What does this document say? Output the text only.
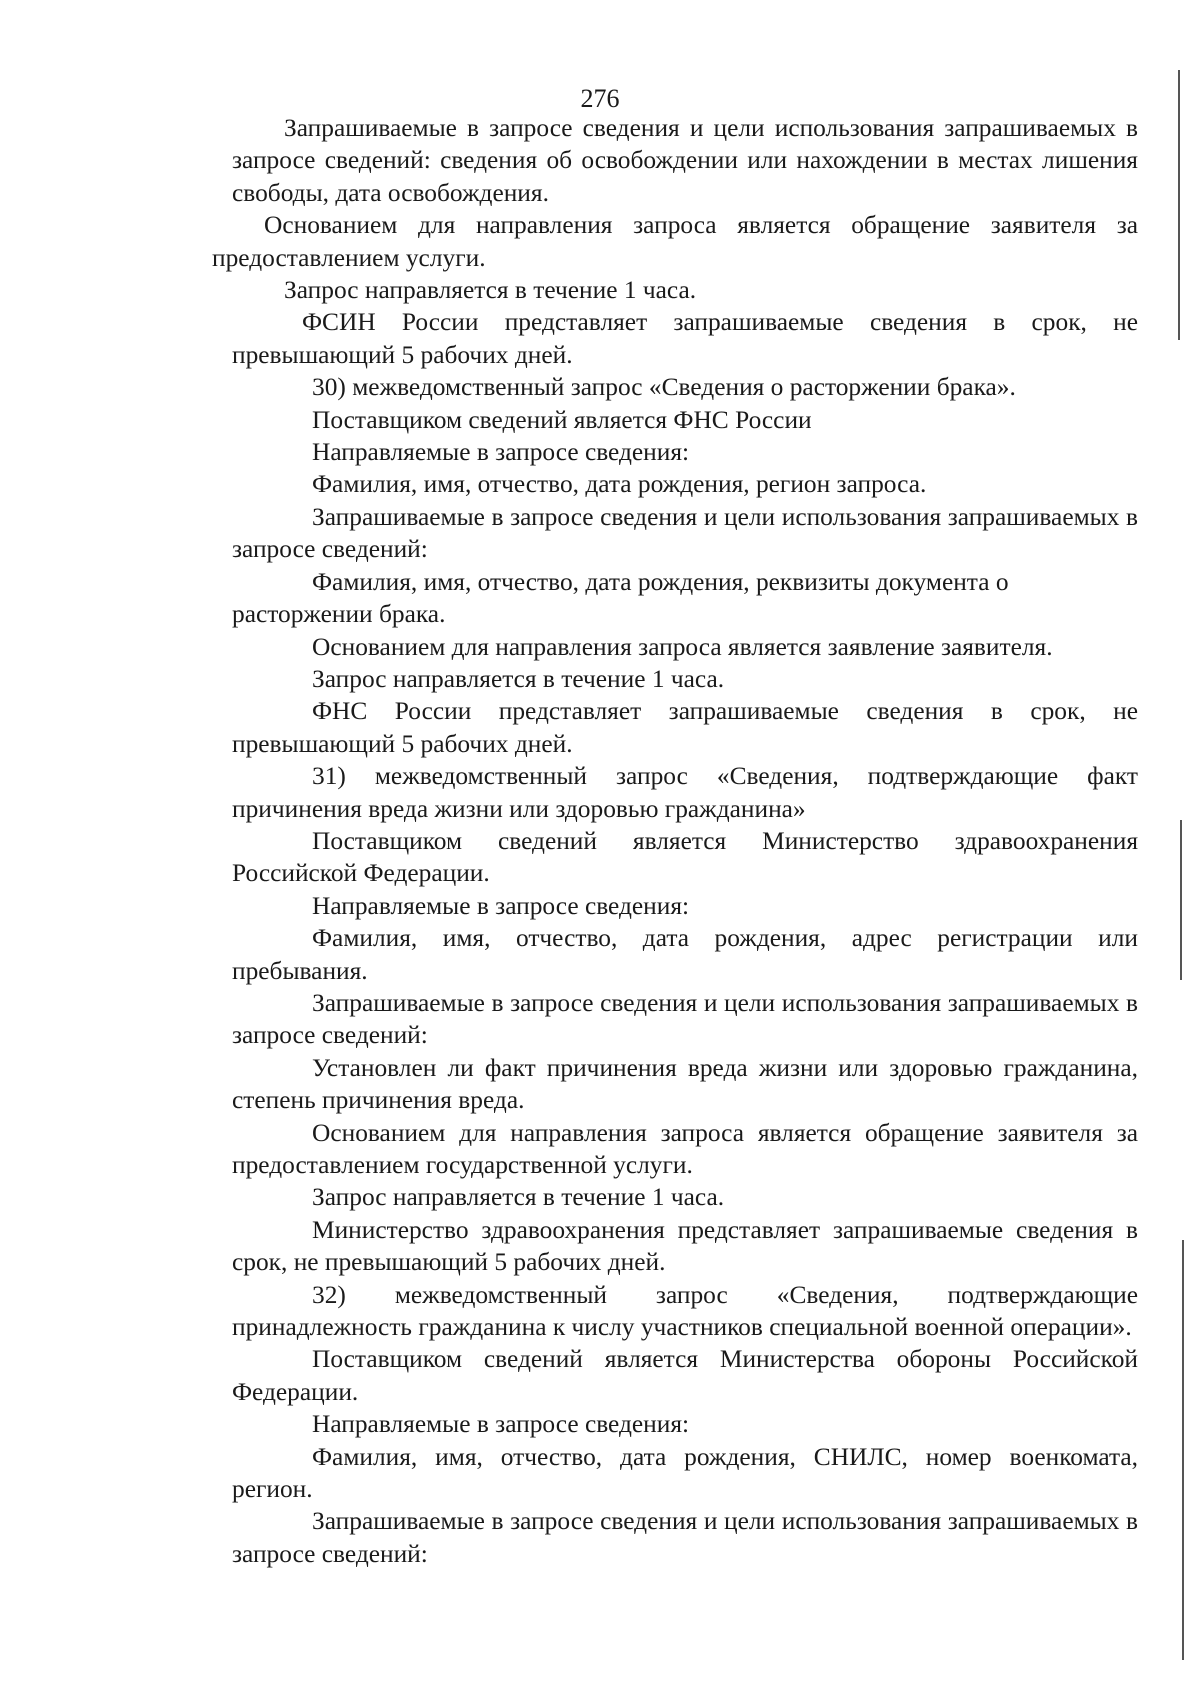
276

Запрашиваемые в запросе сведения и цели использования запрашиваемых в запросе сведений: сведения об освобождении или нахождении в местах лишения свободы, дата освобождения.

Основанием для направления запроса является обращение заявителя за предоставлением услуги.

Запрос направляется в течение 1 часа.

ФСИН России представляет запрашиваемые сведения в срок, не превышающий 5 рабочих дней.

30) межведомственный запрос «Сведения о расторжении брака».

Поставщиком сведений является ФНС России

Направляемые в запросе сведения:

Фамилия, имя, отчество, дата рождения, регион запроса.

Запрашиваемые в запросе сведения и цели использования запрашиваемых в запросе сведений:

Фамилия, имя, отчество, дата рождения, реквизиты документа о расторжении брака.

Основанием для направления запроса является заявление заявителя.

Запрос направляется в течение 1 часа.

ФНС России представляет запрашиваемые сведения в срок, не превышающий 5 рабочих дней.

31) межведомственный запрос «Сведения, подтверждающие факт причинения вреда жизни или здоровью гражданина»

Поставщиком сведений является Министерство здравоохранения Российской Федерации.

Направляемые в запросе сведения:

Фамилия, имя, отчество, дата рождения, адрес регистрации или пребывания.

Запрашиваемые в запросе сведения и цели использования запрашиваемых в запросе сведений:

Установлен ли факт причинения вреда жизни или здоровью гражданина, степень причинения вреда.

Основанием для направления запроса является обращение заявителя за предоставлением государственной услуги.

Запрос направляется в течение 1 часа.

Министерство здравоохранения представляет запрашиваемые сведения в срок, не превышающий 5 рабочих дней.

32) межведомственный запрос «Сведения, подтверждающие принадлежность гражданина к числу участников специальной военной операции».

Поставщиком сведений является Министерства обороны Российской Федерации.

Направляемые в запросе сведения:

Фамилия, имя, отчество, дата рождения, СНИЛС, номер военкомата, регион.

Запрашиваемые в запросе сведения и цели использования запрашиваемых в запросе сведений:
